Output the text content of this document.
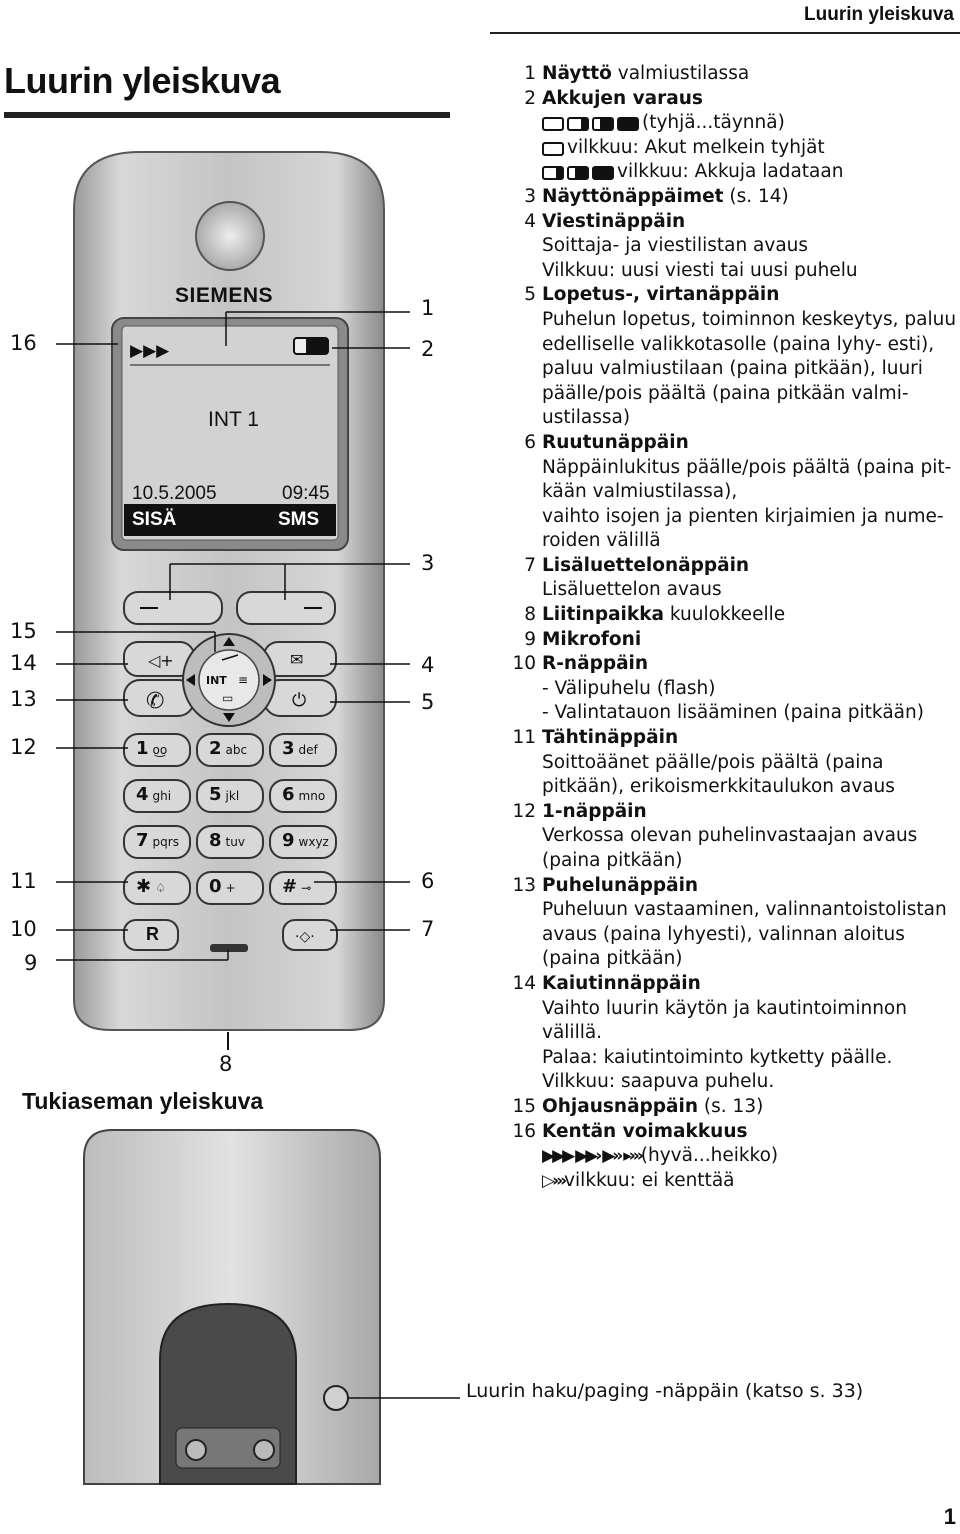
Luurin yleiskuva
Luurin yleiskuva
▶▶▶
◁+
✆
✉
⏻
INT ≡
▭
·◇·
SIEMENS
INT 1
10.5.2005	09:45
SISÄ	SMS
R
1 ο͜ο 2 abc 3 def
4 ghi 5 jkl 6 mno
7 pqrs 8 tuv 9 wxyz
✱ ♤ 0 +	# ⊸
16
15
14
13
12
11
10
9
1
2
3
4
5
6
7
8
Tukiaseman yleiskuva
1 Näyttö valmiustilassa
2 Akkujen varaus
(tyhjä...täynnä)
vilkkuu: Akut melkein tyhjät
vilkkuu: Akkuja ladataan
3 Näyttönäppäimet (s. 14)
4 Viestinäppäin
Soittaja- ja viestilistan avaus
Vilkkuu: uusi viesti tai uusi puhelu
5 Lopetus-, virtanäppäin
Puhelun lopetus, toiminnon keskeytys, paluu edelliselle valikkotasolle (paina lyhy- esti), paluu valmiustilaan (paina pitkään), luuri päälle/pois päältä (paina pitkään valmi- ustilassa)
6 Ruutunäppäin
Näppäinlukitus päälle/pois päältä (paina pit- kään valmiustilassa),
vaihto isojen ja pienten kirjaimien ja nume- roiden välillä
7 Lisäluettelonäppäin
Lisäluettelon avaus
8 Liitinpaikka kuulokkeelle
9 Mikrofoni
10 R-näppäin
- Välipuhelu (flash)
- Valintatauon lisääminen (paina pitkään)
11 Tähtinäppäin
Soittoäänet päälle/pois päältä (paina pitkään), erikoismerkkitaulukon avaus
12 1-näppäin
Verkossa olevan puhelinvastaajan avaus (paina pitkään)
13 Puhelunäppäin
Puheluun vastaaminen, valinnantoistolistan avaus (paina lyhyesti), valinnan aloitus (paina pitkään)
14 Kaiutinnäppäin
Vaihto luurin käytön ja kautintoiminnon välillä.
Palaa: kaiutintoiminto kytketty päälle.
Vilkkuu: saapuva puhelu.
15 Ohjausnäppäin (s. 13)
16 Kentän voimakkuus
▶▶▶ ▶▶› ▶›› ▸›››(hyvä...heikko)
▷›››vilkkuu: ei kenttää
Luurin haku/paging -näppäin (katso s. 33)
1
